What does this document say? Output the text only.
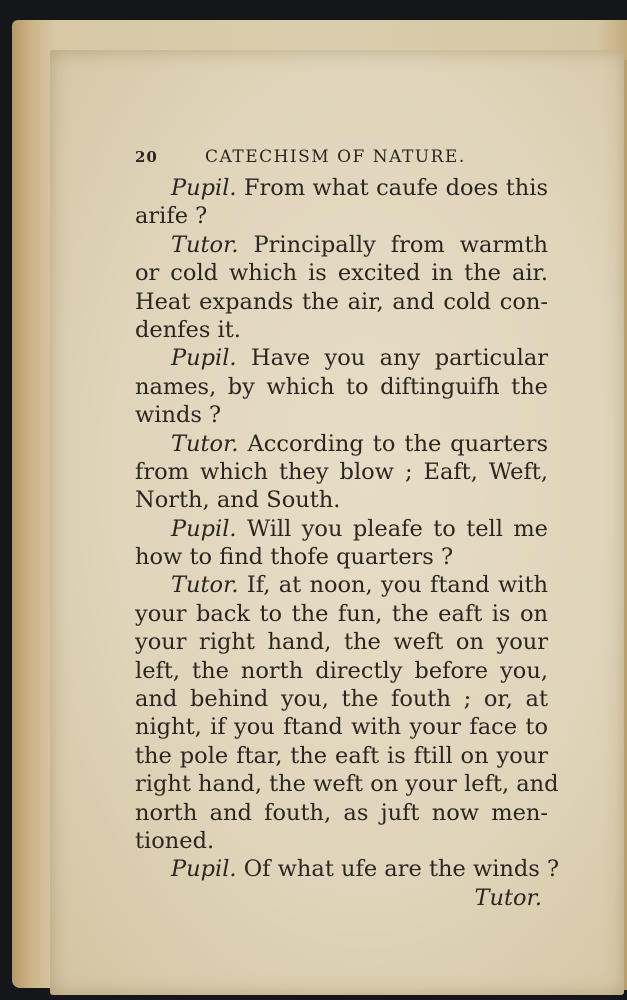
20	CATECHISM OF NATURE.
Pupil. From what caufe does this
arife ?
Tutor. Principally from warmth
or cold which is excited in the air.
Heat expands the air, and cold con-
denfes it.
Pupil. Have you any particular
names, by which to diftinguifh the
winds ?
Tutor. According to the quarters
from which they blow ; Eaft, Weft,
North, and South.
Pupil. Will you pleafe to tell me
how to find thofe quarters ?
Tutor. If, at noon, you ftand with
your back to the fun, the eaft is on
your right hand, the weft on your
left, the north directly before you,
and behind you, the fouth ; or, at
night, if you ftand with your face to
the pole ftar, the eaft is ftill on your
right hand, the weft on your left, and
north and fouth, as juft now men-
tioned.
Pupil. Of what ufe are the winds ?
Tutor.
